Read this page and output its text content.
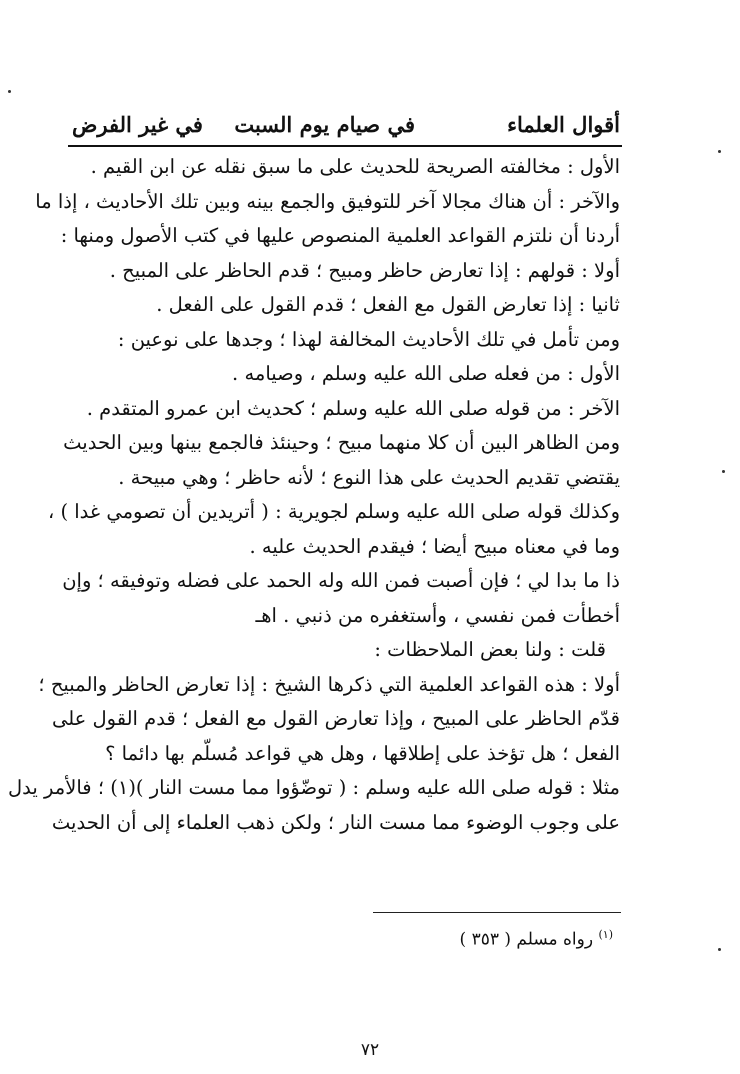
أقوال العلماء
في صيام يوم السبت
في غير الفرض
الأول : مخالفته الصريحة للحديث على ما سبق نقله عن ابن القيم .
والآخر : أن هناك مجالا آخر للتوفيق والجمع بينه وبين تلك الأحاديث ، إذا ما
أردنا أن نلتزم القواعد العلمية المنصوص عليها في كتب الأصول ومنها :
أولا : قولهم : إذا تعارض حاظر ومبيح ؛ قدم الحاظر على المبيح .
ثانيا : إذا تعارض القول مع الفعل ؛ قدم القول على الفعل .
ومن تأمل في تلك الأحاديث المخالفة لهذا ؛ وجدها على نوعين :
الأول : من فعله صلى الله عليه وسلم ، وصيامه .
الآخر : من قوله صلى الله عليه وسلم ؛ كحديث ابن عمرو المتقدم .
ومن الظاهر البين أن كلا منهما مبيح ؛ وحينئذ فالجمع بينها وبين الحديث
يقتضي تقديم الحديث على هذا النوع ؛ لأنه حاظر ؛ وهي مبيحة .
وكذلك قوله صلى الله عليه وسلم لجويرية : ( أتريدين أن تصومي غدا ) ،
وما في معناه مبيح أيضا ؛ فيقدم الحديث عليه .
ذا ما بدا لي ؛ فإن أصبت فمن الله وله الحمد على فضله وتوفيقه ؛ وإن
أخطأت فمن نفسي ، وأستغفره من ذنبي . اهـ
قلت : ولنا بعض الملاحظات :
أولا : هذه القواعد العلمية التي ذكرها الشيخ : إذا تعارض الحاظر والمبيح ؛
قدّم الحاظر على المبيح ، وإذا تعارض القول مع الفعل ؛ قدم القول على
الفعل ؛ هل تؤخذ على إطلاقها ، وهل هي قواعد مُسلّم بها دائما ؟
مثلا : قوله صلى الله عليه وسلم : ( توضّؤوا مما مست النار )(١) ؛ فالأمر يدل
على وجوب الوضوء مما مست النار ؛ ولكن ذهب العلماء إلى أن الحديث
$^{(١)}$ رواه مسلم ( ٣٥٣ )
٧٢
